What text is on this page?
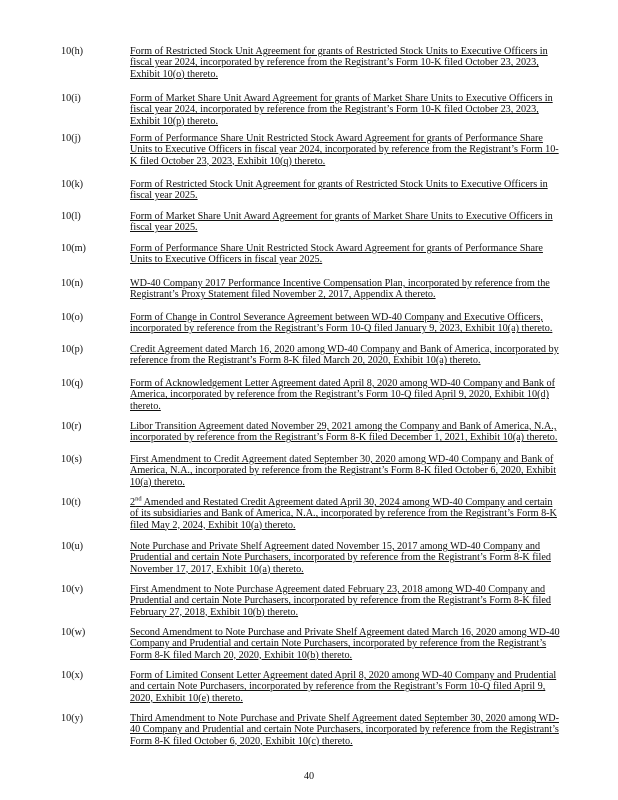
10(h)	Form of Restricted Stock Unit Agreement for grants of Restricted Stock Units to Executive Officers in fiscal year 2024, incorporated by reference from the Registrant’s Form 10-K filed October 23, 2023, Exhibit 10(o) thereto.
10(i)	Form of Market Share Unit Award Agreement for grants of Market Share Units to Executive Officers in fiscal year 2024, incorporated by reference from the Registrant’s Form 10-K filed October 23, 2023, Exhibit 10(p) thereto.
10(j)	Form of Performance Share Unit Restricted Stock Award Agreement for grants of Performance Share Units to Executive Officers in fiscal year 2024, incorporated by reference from the Registrant’s Form 10-K filed October 23, 2023, Exhibit 10(q) thereto.
10(k)	Form of Restricted Stock Unit Agreement for grants of Restricted Stock Units to Executive Officers in fiscal year 2025.
10(l)	Form of Market Share Unit Award Agreement for grants of Market Share Units to Executive Officers in fiscal year 2025.
10(m)	Form of Performance Share Unit Restricted Stock Award Agreement for grants of Performance Share Units to Executive Officers in fiscal year 2025.
10(n)	WD-40 Company 2017 Performance Incentive Compensation Plan, incorporated by reference from the Registrant’s Proxy Statement filed November 2, 2017, Appendix A thereto.
10(o)	Form of Change in Control Severance Agreement between WD-40 Company and Executive Officers, incorporated by reference from the Registrant’s Form 10-Q filed January 9, 2023, Exhibit 10(a) thereto.
10(p)	Credit Agreement dated March 16, 2020 among WD-40 Company and Bank of America, incorporated by reference from the Registrant’s Form 8-K filed March 20, 2020, Exhibit 10(a) thereto.
10(q)	Form of Acknowledgement Letter Agreement dated April 8, 2020 among WD-40 Company and Bank of America, incorporated by reference from the Registrant’s Form 10-Q filed April 9, 2020, Exhibit 10(d) thereto.
10(r)	Libor Transition Agreement dated November 29, 2021 among the Company and Bank of America, N.A., incorporated by reference from the Registrant’s Form 8-K filed December 1, 2021, Exhibit 10(a) thereto.
10(s)	First Amendment to Credit Agreement dated September 30, 2020 among WD-40 Company and Bank of America, N.A., incorporated by reference from the Registrant’s Form 8-K filed October 6, 2020, Exhibit 10(a) thereto.
10(t)	2nd Amended and Restated Credit Agreement dated April 30, 2024 among WD-40 Company and certain of its subsidiaries and Bank of America, N.A., incorporated by reference from the Registrant’s Form 8-K filed May 2, 2024, Exhibit 10(a) thereto.
10(u)	Note Purchase and Private Shelf Agreement dated November 15, 2017 among WD-40 Company and Prudential and certain Note Purchasers, incorporated by reference from the Registrant’s Form 8-K filed November 17, 2017, Exhibit 10(a) thereto.
10(v)	First Amendment to Note Purchase Agreement dated February 23, 2018 among WD-40 Company and Prudential and certain Note Purchasers, incorporated by reference from the Registrant’s Form 8-K filed February 27, 2018, Exhibit 10(b) thereto.
10(w)	Second Amendment to Note Purchase and Private Shelf Agreement dated March 16, 2020 among WD-40 Company and Prudential and certain Note Purchasers, incorporated by reference from the Registrant’s Form 8-K filed March 20, 2020, Exhibit 10(b) thereto.
10(x)	Form of Limited Consent Letter Agreement dated April 8, 2020 among WD-40 Company and Prudential and certain Note Purchasers, incorporated by reference from the Registrant’s Form 10-Q filed April 9, 2020, Exhibit 10(e) thereto.
10(y)	Third Amendment to Note Purchase and Private Shelf Agreement dated September 30, 2020 among WD-40 Company and Prudential and certain Note Purchasers, incorporated by reference from the Registrant’s Form 8-K filed October 6, 2020, Exhibit 10(c) thereto.
40
